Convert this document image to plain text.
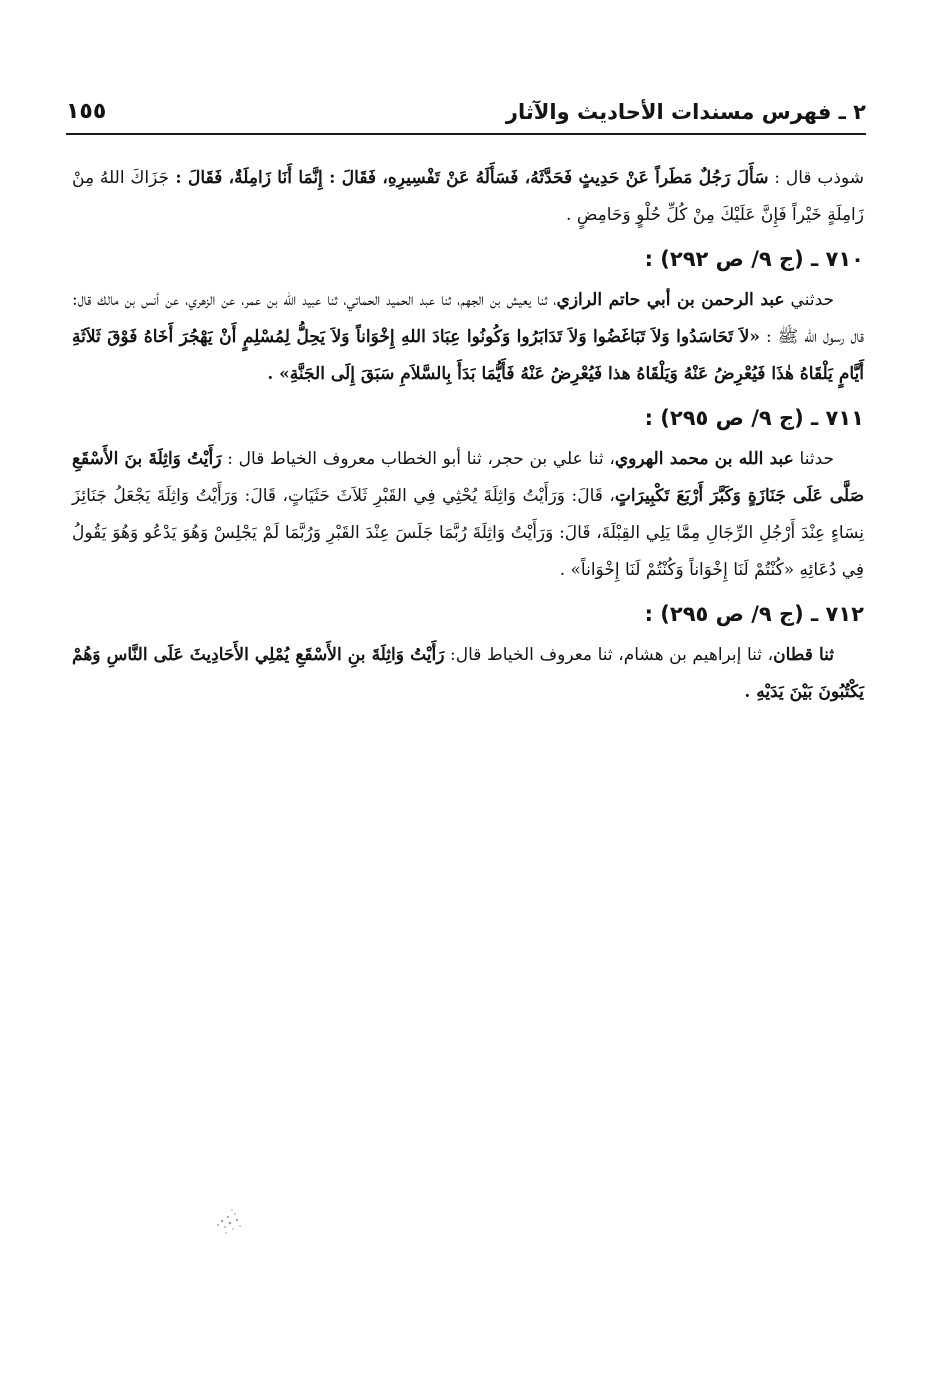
٢ ـ فهرس مسندات الأحاديث والآثار
١٥٥

شوذب قال : سَأَلَ رَجُلٌ مَطَراً عَنْ حَدِيثٍ فَحَدَّثَهُ، فَسَأَلَهُ عَنْ تَفْسِيرِهِ، فَقَالَ : إِنَّمَا أَنَا زَامِلَةٌ، فَقَالَ : جَزَاكَ اللهُ مِنْ زَامِلَةٍ خَيْراً فَإِنَّ عَلَيْكَ مِنْ كُلِّ حُلْوٍ وَحَامِضٍ .

٧١٠ ـ (ج ٩/ ص ٢٩٢) :

حدثني عبد الرحمن بن أبي حاتم الرازي، ثنا يعيش بن الجهم، ثنا عبد الحميد الحماتي، ثنا عبيد الله بن عمر، عن الزهري، عن أنس بن مالك قال: قال رسول الله ﷺ : «لاَ تَحَاسَدُوا وَلاَ تَبَاغَضُوا وَلاَ تَدَابَرُوا وَكُونُوا عِبَادَ اللهِ إِخْوَاناً وَلاَ يَحِلُّ لِمُسْلِمٍ أَنْ يَهْجُرَ أَخَاهُ فَوْقَ ثَلاَثَةِ أَيَّامٍ يَلْقَاهُ هٰذَا فَيُعْرِضُ عَنْهُ وَيَلْقَاهُ هذا فَيُعْرِضُ عَنْهُ فَأَيُّمَا بَدَأَ بِالسَّلاَمِ سَبَقَ إِلَى الجَنَّةِ» .

٧١١ ـ (ج ٩/ ص ٢٩٥) :

حدثنا عبد الله بن محمد الهروي، ثنا علي بن حجر، ثنا أبو الخطاب معروف الخياط قال : رَأَيْتُ وَاثِلَةَ بنَ الأَسْقَعِ صَلَّى عَلَى جَنَازَةٍ وَكَبَّرَ أَرْبَعَ تَكْبِيرَاتٍ، قَالَ: وَرَأَيْتُ وَاثِلَةَ يُحْثِي فِي القَبْرِ ثَلاَثَ حَثَيَاتٍ، قَالَ: وَرَأَيْتُ وَاثِلَةَ يَجْعَلُ جَنَائِزَ نِسَاءٍ عِنْدَ أَرْجُلِ الرِّجَالِ مِمَّا يَلِي القِبْلَةَ، قَالَ: وَرَأَيْتُ وَاثِلَةَ رُبَّمَا جَلَسَ عِنْدَ القَبْرِ وَرُبَّمَا لَمْ يَجْلِسْ وَهُوَ يَدْعُو وَهُوَ يَقُولُ فِي دُعَائِهِ «كُنْتُمْ لَنَا إِخْوَاناً وَكُنْتُمْ لَنَا إِخْوَاناً» .

٧١٢ ـ (ج ٩/ ص ٢٩٥) :

ثنا قطان، ثنا إبراهيم بن هشام، ثنا معروف الخياط قال: رَأَيْتُ وَاثِلَةَ بنِ الأَسْقَعِ يُمْلِي الأَحَادِيثَ عَلَى النَّاسِ وَهُمْ يَكْتُبُونَ بَيْنَ يَدَيْهِ .
